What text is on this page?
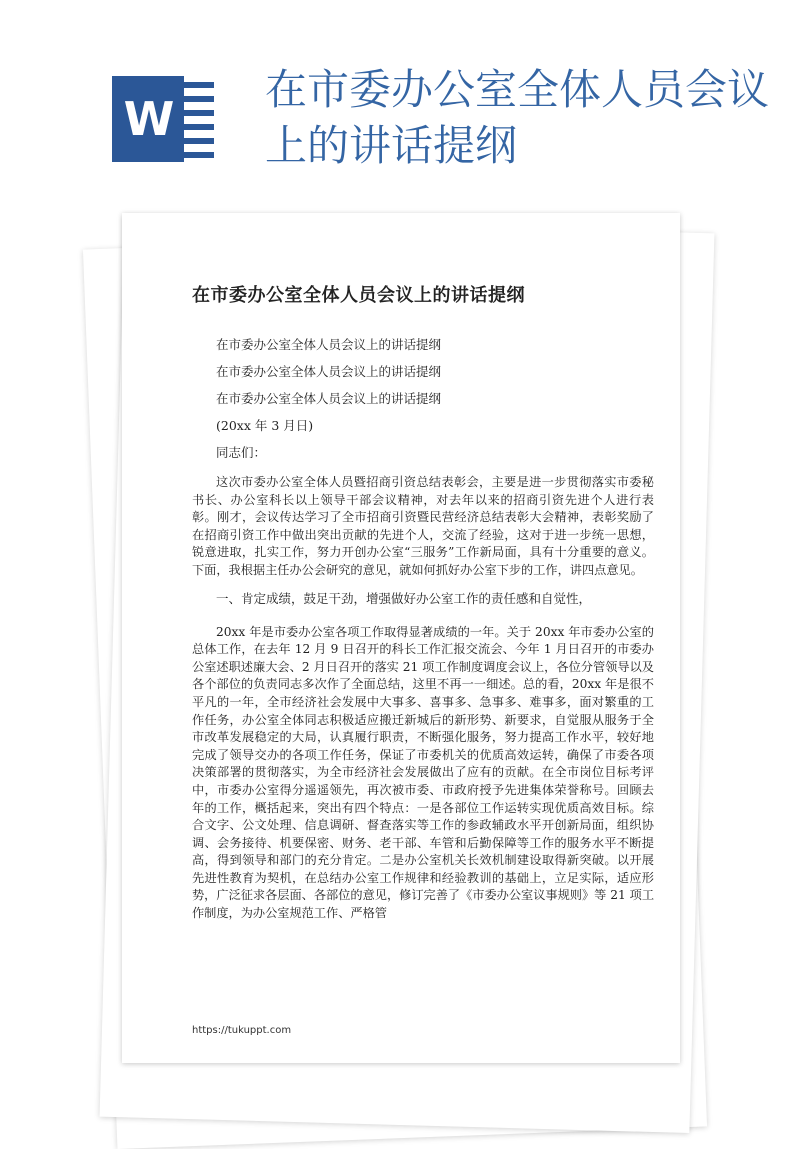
W
在市委办公室全体人员会议上的讲话提纲
在市委办公室全体人员会议上的讲话提纲

在市委办公室全体人员会议上的讲话提纲

在市委办公室全体人员会议上的讲话提纲

在市委办公室全体人员会议上的讲话提纲

(20xx 年 3 月日)

同志们：

这次市委办公室全体人员暨招商引资总结表彰会，主要是进一步贯彻落实市委秘书长、办公室科长以上领导干部会议精神，对去年以来的招商引资先进个人进行表彰。刚才，会议传达学习了全市招商引资暨民营经济总结表彰大会精神，表彰奖励了在招商引资工作中做出突出贡献的先进个人，交流了经验，这对于进一步统一思想，锐意进取，扎实工作，努力开创办公室“三服务”工作新局面，具有十分重要的意义。下面，我根据主任办公会研究的意见，就如何抓好办公室下步的工作，讲四点意见。

一、肯定成绩，鼓足干劲，增强做好办公室工作的责任感和自觉性，

20xx 年是市委办公室各项工作取得显著成绩的一年。关于 20xx 年市委办公室的总体工作，在去年 12 月 9 日召开的科长工作汇报交流会、今年 1 月日召开的市委办公室述职述廉大会、2 月日召开的落实 21 项工作制度调度会议上，各位分管领导以及各个部位的负责同志多次作了全面总结，这里不再一一细述。总的看，20xx 年是很不平凡的一年，全市经济社会发展中大事多、喜事多、急事多、难事多，面对繁重的工作任务，办公室全体同志积极适应搬迁新城后的新形势、新要求，自觉服从服务于全市改革发展稳定的大局，认真履行职责，不断强化服务，努力提高工作水平，较好地完成了领导交办的各项工作任务，保证了市委机关的优质高效运转，确保了市委各项决策部署的贯彻落实，为全市经济社会发展做出了应有的贡献。在全市岗位目标考评中，市委办公室得分遥遥领先，再次被市委、市政府授予先进集体荣誉称号。回顾去年的工作，概括起来，突出有四个特点：一是各部位工作运转实现优质高效目标。综合文字、公文处理、信息调研、督查落实等工作的参政辅政水平开创新局面，组织协调、会务接待、机要保密、财务、老干部、车管和后勤保障等工作的服务水平不断提高，得到领导和部门的充分肯定。二是办公室机关长效机制建设取得新突破。以开展先进性教育为契机，在总结办公室工作规律和经验教训的基础上，立足实际，适应形势，广泛征求各层面、各部位的意见，修订完善了《市委办公室议事规则》等 21 项工作制度，为办公室规范工作、严格管

https://tukuppt.com
